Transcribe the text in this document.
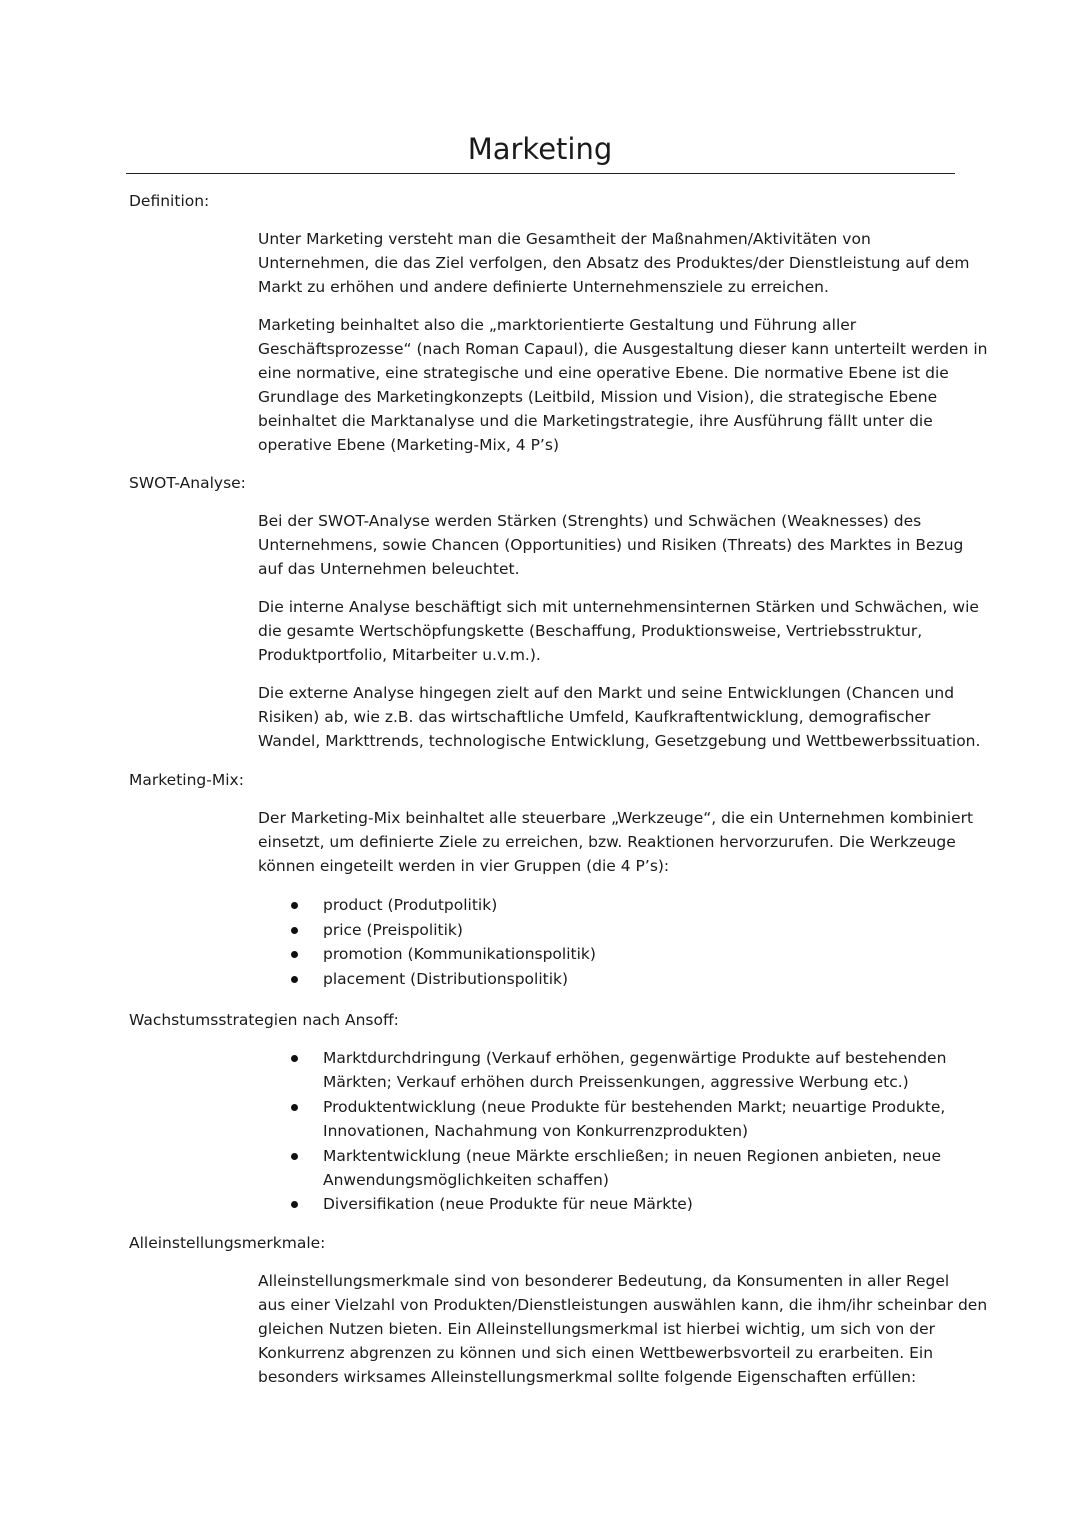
Marketing
Definition:

Unter Marketing versteht man die Gesamtheit der Maßnahmen/Aktivitäten von
Unternehmen, die das Ziel verfolgen, den Absatz des Produktes/der Dienstleistung auf dem
Markt zu erhöhen und andere definierte Unternehmensziele zu erreichen.

Marketing beinhaltet also die „marktorientierte Gestaltung und Führung aller
Geschäftsprozesse“ (nach Roman Capaul), die Ausgestaltung dieser kann unterteilt werden in
eine normative, eine strategische und eine operative Ebene. Die normative Ebene ist die
Grundlage des Marketingkonzepts (Leitbild, Mission und Vision), die strategische Ebene
beinhaltet die Marktanalyse und die Marketingstrategie, ihre Ausführung fällt unter die
operative Ebene (Marketing-Mix, 4 P’s)

SWOT-Analyse:

Bei der SWOT-Analyse werden Stärken (Strenghts) und Schwächen (Weaknesses) des
Unternehmens, sowie Chancen (Opportunities) und Risiken (Threats) des Marktes in Bezug
auf das Unternehmen beleuchtet.

Die interne Analyse beschäftigt sich mit unternehmensinternen Stärken und Schwächen, wie
die gesamte Wertschöpfungskette (Beschaffung, Produktionsweise, Vertriebsstruktur,
Produktportfolio, Mitarbeiter u.v.m.).

Die externe Analyse hingegen zielt auf den Markt und seine Entwicklungen (Chancen und
Risiken) ab, wie z.B. das wirtschaftliche Umfeld, Kaufkraftentwicklung, demografischer
Wandel, Markttrends, technologische Entwicklung, Gesetzgebung und Wettbewerbssituation.

Marketing-Mix:

Der Marketing-Mix beinhaltet alle steuerbare „Werkzeuge“, die ein Unternehmen kombiniert
einsetzt, um definierte Ziele zu erreichen, bzw. Reaktionen hervorzurufen. Die Werkzeuge
können eingeteilt werden in vier Gruppen (die 4 P’s):

product (Produtpolitik)
price (Preispolitik)
promotion (Kommunikationspolitik)
placement (Distributionspolitik)
Wachstumsstrategien nach Ansoff:
Marktdurchdringung (Verkauf erhöhen, gegenwärtige Produkte auf bestehenden
Märkten; Verkauf erhöhen durch Preissenkungen, aggressive Werbung etc.)
Produktentwicklung (neue Produkte für bestehenden Markt; neuartige Produkte,
Innovationen, Nachahmung von Konkurrenzprodukten)
Marktentwicklung (neue Märkte erschließen; in neuen Regionen anbieten, neue
Anwendungsmöglichkeiten schaffen)
Diversifikation (neue Produkte für neue Märkte)
Alleinstellungsmerkmale:

Alleinstellungsmerkmale sind von besonderer Bedeutung, da Konsumenten in aller Regel
aus einer Vielzahl von Produkten/Dienstleistungen auswählen kann, die ihm/ihr scheinbar den
gleichen Nutzen bieten. Ein Alleinstellungsmerkmal ist hierbei wichtig, um sich von der
Konkurrenz abgrenzen zu können und sich einen Wettbewerbsvorteil zu erarbeiten. Ein
besonders wirksames Alleinstellungsmerkmal sollte folgende Eigenschaften erfüllen:
